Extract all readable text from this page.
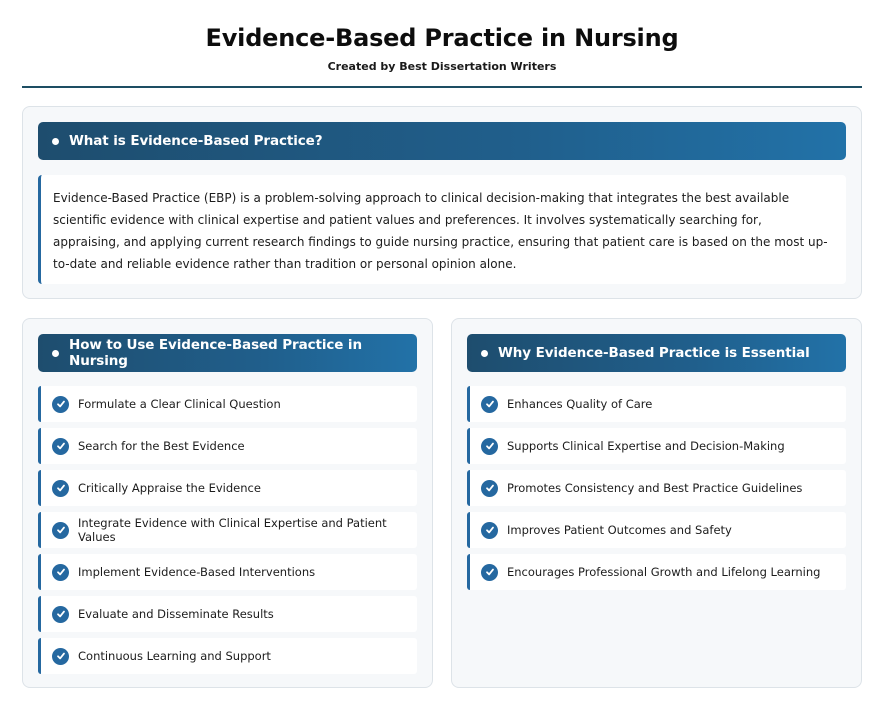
Evidence-Based Practice in Nursing
Created by Best Dissertation Writers
What is Evidence-Based Practice?

Evidence-Based Practice (EBP) is a problem-solving approach to clinical decision-making that integrates the best available scientific evidence with clinical expertise and patient values and preferences. It involves systematically searching for, appraising, and applying current research findings to guide nursing practice, ensuring that patient care is based on the most up-to-date and reliable evidence rather than tradition or personal opinion alone.

How to Use Evidence-Based Practice in Nursing
Formulate a Clear Clinical Question
Search for the Best Evidence
Critically Appraise the Evidence
Integrate Evidence with Clinical Expertise and Patient Values
Implement Evidence-Based Interventions
Evaluate and Disseminate Results
Continuous Learning and Support
Why Evidence-Based Practice is Essential
Enhances Quality of Care
Supports Clinical Expertise and Decision-Making
Promotes Consistency and Best Practice Guidelines
Improves Patient Outcomes and Safety
Encourages Professional Growth and Lifelong Learning
